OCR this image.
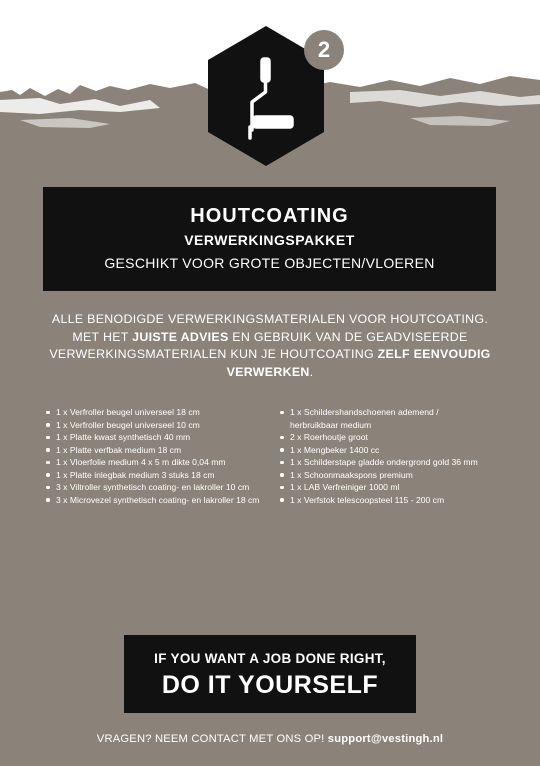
2
HOUTCOATING
VERWERKINGSPAKKET
GESCHIKT VOOR GROTE OBJECTEN/VLOEREN
ALLE BENODIGDE VERWERKINGSMATERIALEN VOOR HOUTCOATING. MET HET JUISTE ADVIES EN GEBRUIK VAN DE GEADVISEERDE VERWERKINGSMATERIALEN KUN JE HOUTCOATING ZELF EENVOUDIG VERWERKEN.
1 x Verfroller beugel universeel 18 cm
1 x Verfroller beugel universeel 10 cm
1 x Platte kwast synthetisch 40 mm
1 x Platte verfbak medium 18 cm
1 x Vloerfolie medium 4 x 5 m dikte 0,04 mm
1 x Platte inlegbak medium 3 stuks 18 cm
3 x Viltroller synthetisch coating- en lakroller 10 cm
3 x Microvezel synthetisch coating- en lakroller 18 cm
1 x Schildershandschoenen ademend / herbruikbaar medium
2 x Roerhoutje groot
1 x Mengbeker 1400 cc
1 x Schilderstape gladde ondergrond gold 36 mm
1 x Schoonmaakspons premium
1 x LAB Verfreiniger 1000 ml
1 x Verfstok telescoopsteel 115 - 200 cm
IF YOU WANT A JOB DONE RIGHT,
DO IT YOURSELF
VRAGEN? NEEM CONTACT MET ONS OP! support@vestingh.nl
